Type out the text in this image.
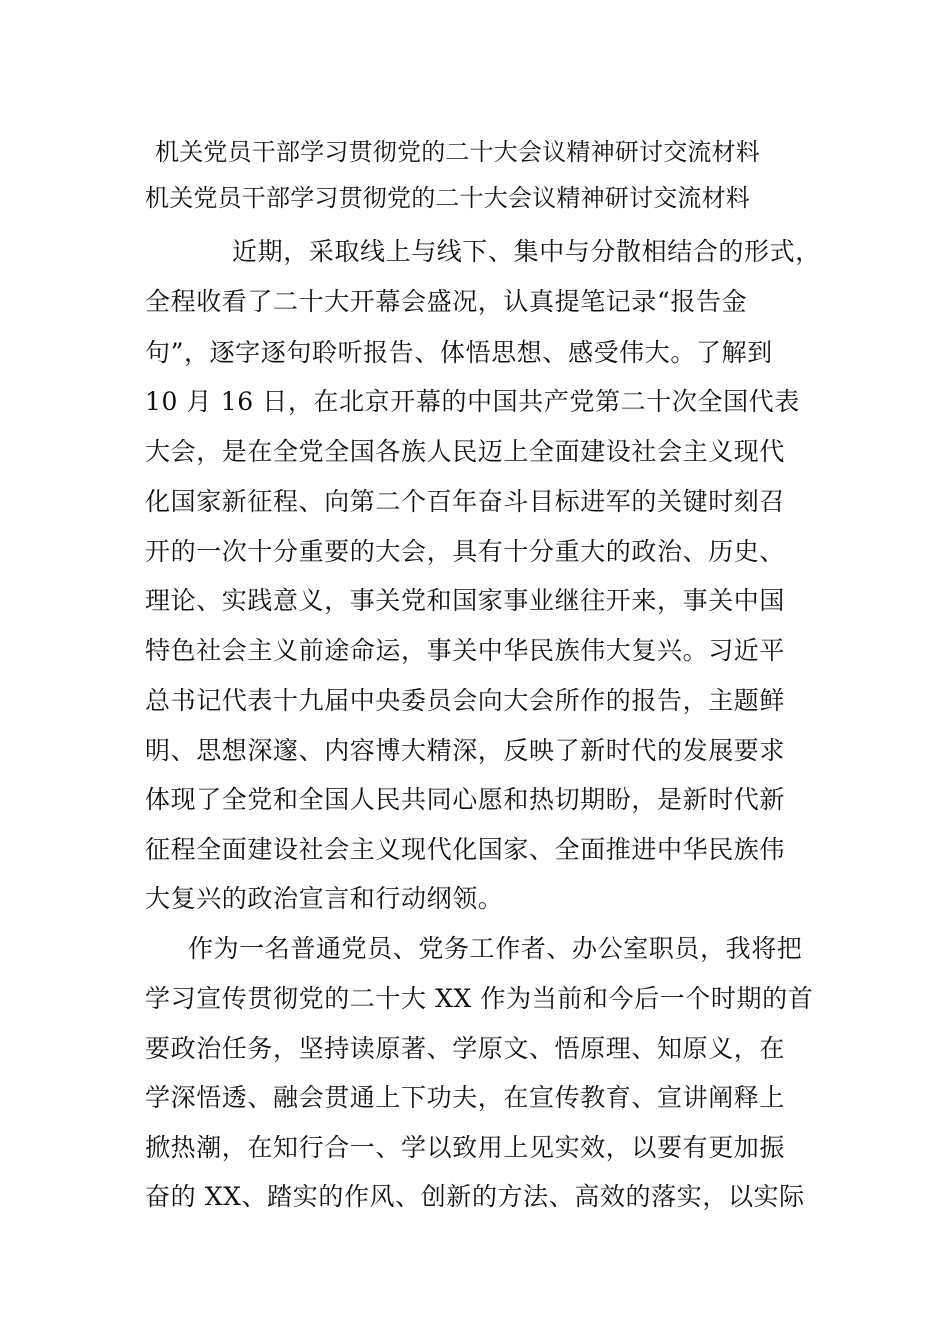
机关党员干部学习贯彻党的二十大会议精神研讨交流材料
机关党员干部学习贯彻党的二十大会议精神研讨交流材料

近期，采取线上与线下、集中与分散相结合的形式，

全程收看了二十大开幕会盛况，认真提笔记录“报告金

句”，逐字逐句聆听报告、体悟思想、感受伟大。了解到

10 月 16 日，在北京开幕的中国共产党第二十次全国代表

大会，是在全党全国各族人民迈上全面建设社会主义现代

化国家新征程、向第二个百年奋斗目标进军的关键时刻召

开的一次十分重要的大会，具有十分重大的政治、历史、

理论、实践意义，事关党和国家事业继往开来，事关中国

特色社会主义前途命运，事关中华民族伟大复兴。习近平

总书记代表十九届中央委员会向大会所作的报告，主题鲜

明、思想深邃、内容博大精深，反映了新时代的发展要求

体现了全党和全国人民共同心愿和热切期盼，是新时代新

征程全面建设社会主义现代化国家、全面推进中华民族伟

大复兴的政治宣言和行动纲领。

作为一名普通党员、党务工作者、办公室职员，我将把

学习宣传贯彻党的二十大 XX 作为当前和今后一个时期的首

要政治任务，坚持读原著、学原文、悟原理、知原义，在

学深悟透、融会贯通上下功夫，在宣传教育、宣讲阐释上

掀热潮，在知行合一、学以致用上见实效，以要有更加振

奋的 XX、踏实的作风、创新的方法、高效的落实，以实际
